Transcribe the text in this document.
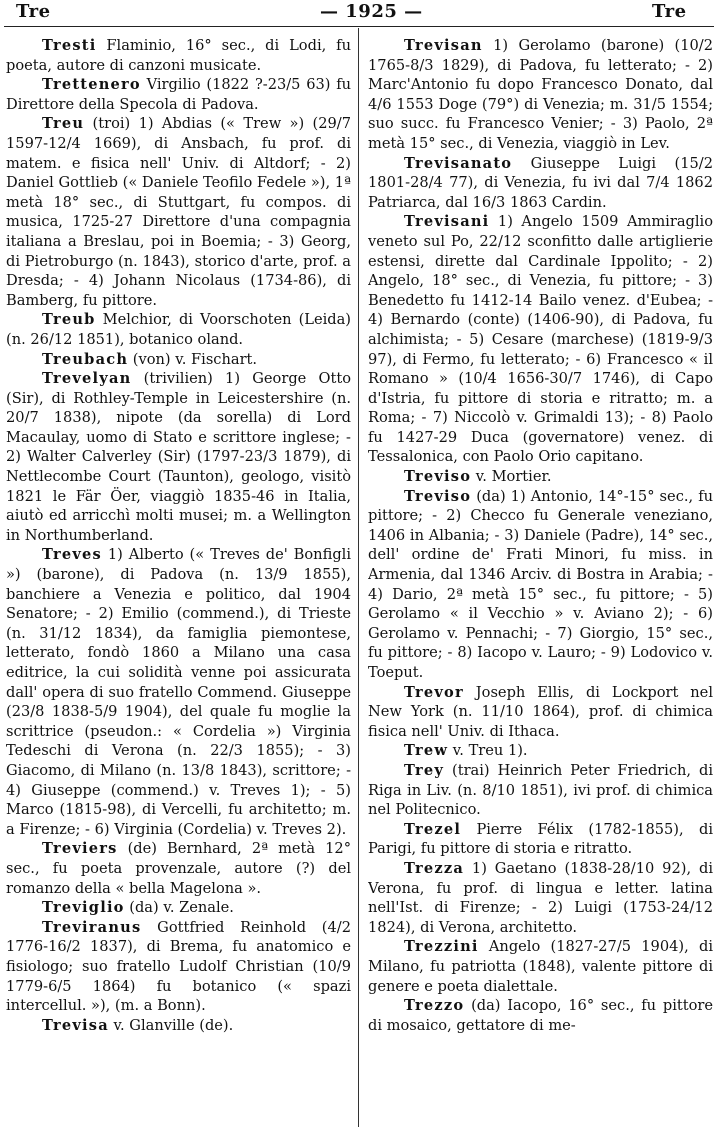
Tre	— 1925 —	Tre

Tresti Flaminio, 16° sec., di Lodi, fu poeta, autore di canzoni musicate.

Trettenero Virgilio (1822 ?-23/5 63) fu Direttore della Specola di Padova.

Treu (troi) 1) Abdias (« Trew ») (29/7 1597-12/4 1669), di Ansbach, fu prof. di matem. e fisica nell' Univ. di Altdorf; - 2) Daniel Gottlieb (« Daniele Teofilo Fedele »), 1ª metà 18° sec., di Stuttgart, fu compos. di musica, 1725-27 Direttore d'una compagnia italiana a Breslau, poi in Boemia; - 3) Georg, di Pietroburgo (n. 1843), storico d'arte, prof. a Dresda; - 4) Johann Nicolaus (1734-86), di Bamberg, fu pittore.

Treub Melchior, di Voorschoten (Leida) (n. 26/12 1851), botanico oland.

Treubach (von) v. Fischart.

Trevelyan (trivilien) 1) George Otto (Sir), di Rothley-Temple in Leicestershire (n. 20/7 1838), nipote (da sorella) di Lord Macaulay, uomo di Stato e scrittore inglese; - 2) Walter Calverley (Sir) (1797-23/3 1879), di Nettlecombe Court (Taunton), geologo, visitò 1821 le Fär Öer, viaggiò 1835-46 in Italia, aiutò ed arricchì molti musei; m. a Wellington in Northumberland.

Treves 1) Alberto (« Treves de' Bonfigli ») (barone), di Padova (n. 13/9 1855), banchiere a Venezia e politico, dal 1904 Senatore; - 2) Emilio (commend.), di Trieste (n. 31/12 1834), da famiglia piemontese, letterato, fondò 1860 a Milano una casa editrice, la cui solidità venne poi assicurata dall' opera di suo fratello Commend. Giuseppe (23/8 1838-5/9 1904), del quale fu moglie la scrittrice (pseudon.: « Cordelia ») Virginia Tedeschi di Verona (n. 22/3 1855); - 3) Giacomo, di Milano (n. 13/8 1843), scrittore; - 4) Giuseppe (commend.) v. Treves 1); - 5) Marco (1815-98), di Vercelli, fu architetto; m. a Firenze; - 6) Virginia (Cordelia) v. Treves 2).

Treviers (de) Bernhard, 2ª metà 12° sec., fu poeta provenzale, autore (?) del romanzo della « bella Magelona ».

Treviglio (da) v. Zenale.

Treviranus Gottfried Reinhold (4/2 1776-16/2 1837), di Brema, fu anatomico e fisiologo; suo fratello Ludolf Christian (10/9 1779-6/5 1864) fu botanico (« spazi intercellul. »), (m. a Bonn).

Trevisa v. Glanville (de).

Trevisan 1) Gerolamo (barone) (10/2 1765-8/3 1829), di Padova, fu letterato; - 2) Marc'Antonio fu dopo Francesco Donato, dal 4/6 1553 Doge (79°) di Venezia; m. 31/5 1554; suo succ. fu Francesco Venier; - 3) Paolo, 2ª metà 15° sec., di Venezia, viaggiò in Lev.

Trevisanato Giuseppe Luigi (15/2 1801-28/4 77), di Venezia, fu ivi dal 7/4 1862 Patriarca, dal 16/3 1863 Cardin.

Trevisani 1) Angelo 1509 Ammiraglio veneto sul Po, 22/12 sconfitto dalle artiglierie estensi, dirette dal Cardinale Ippolito; - 2) Angelo, 18° sec., di Venezia, fu pittore; - 3) Benedetto fu 1412-14 Bailo venez. d'Eubea; - 4) Bernardo (conte) (1406-90), di Padova, fu alchimista; - 5) Cesare (marchese) (1819-9/3 97), di Fermo, fu letterato; - 6) Francesco « il Romano » (10/4 1656-30/7 1746), di Capo d'Istria, fu pittore di storia e ritratto; m. a Roma; - 7) Niccolò v. Grimaldi 13); - 8) Paolo fu 1427-29 Duca (governatore) venez. di Tessalonica, con Paolo Orio capitano.

Treviso v. Mortier.

Treviso (da) 1) Antonio, 14°-15° sec., fu pittore; - 2) Checco fu Generale veneziano, 1406 in Albania; - 3) Daniele (Padre), 14° sec., dell' ordine de' Frati Minori, fu miss. in Armenia, dal 1346 Arciv. di Bostra in Arabia; - 4) Dario, 2ª metà 15° sec., fu pittore; - 5) Gerolamo « il Vecchio » v. Aviano 2); - 6) Gerolamo v. Pennachi; - 7) Giorgio, 15° sec., fu pittore; - 8) Iacopo v. Lauro; - 9) Lodovico v. Toeput.

Trevor Joseph Ellis, di Lockport nel New York (n. 11/10 1864), prof. di chimica fisica nell' Univ. di Ithaca.

Trew v. Treu 1).

Trey (trai) Heinrich Peter Friedrich, di Riga in Liv. (n. 8/10 1851), ivi prof. di chimica nel Politecnico.

Trezel Pierre Félix (1782-1855), di Parigi, fu pittore di storia e ritratto.

Trezza 1) Gaetano (1838-28/10 92), di Verona, fu prof. di lingua e letter. latina nell'Ist. di Firenze; - 2) Luigi (1753-24/12 1824), di Verona, architetto.

Trezzini Angelo (1827-27/5 1904), di Milano, fu patriotta (1848), valente pittore di genere e poeta dialettale.

Trezzo (da) Iacopo, 16° sec., fu pittore di mosaico, gettatore di me-
